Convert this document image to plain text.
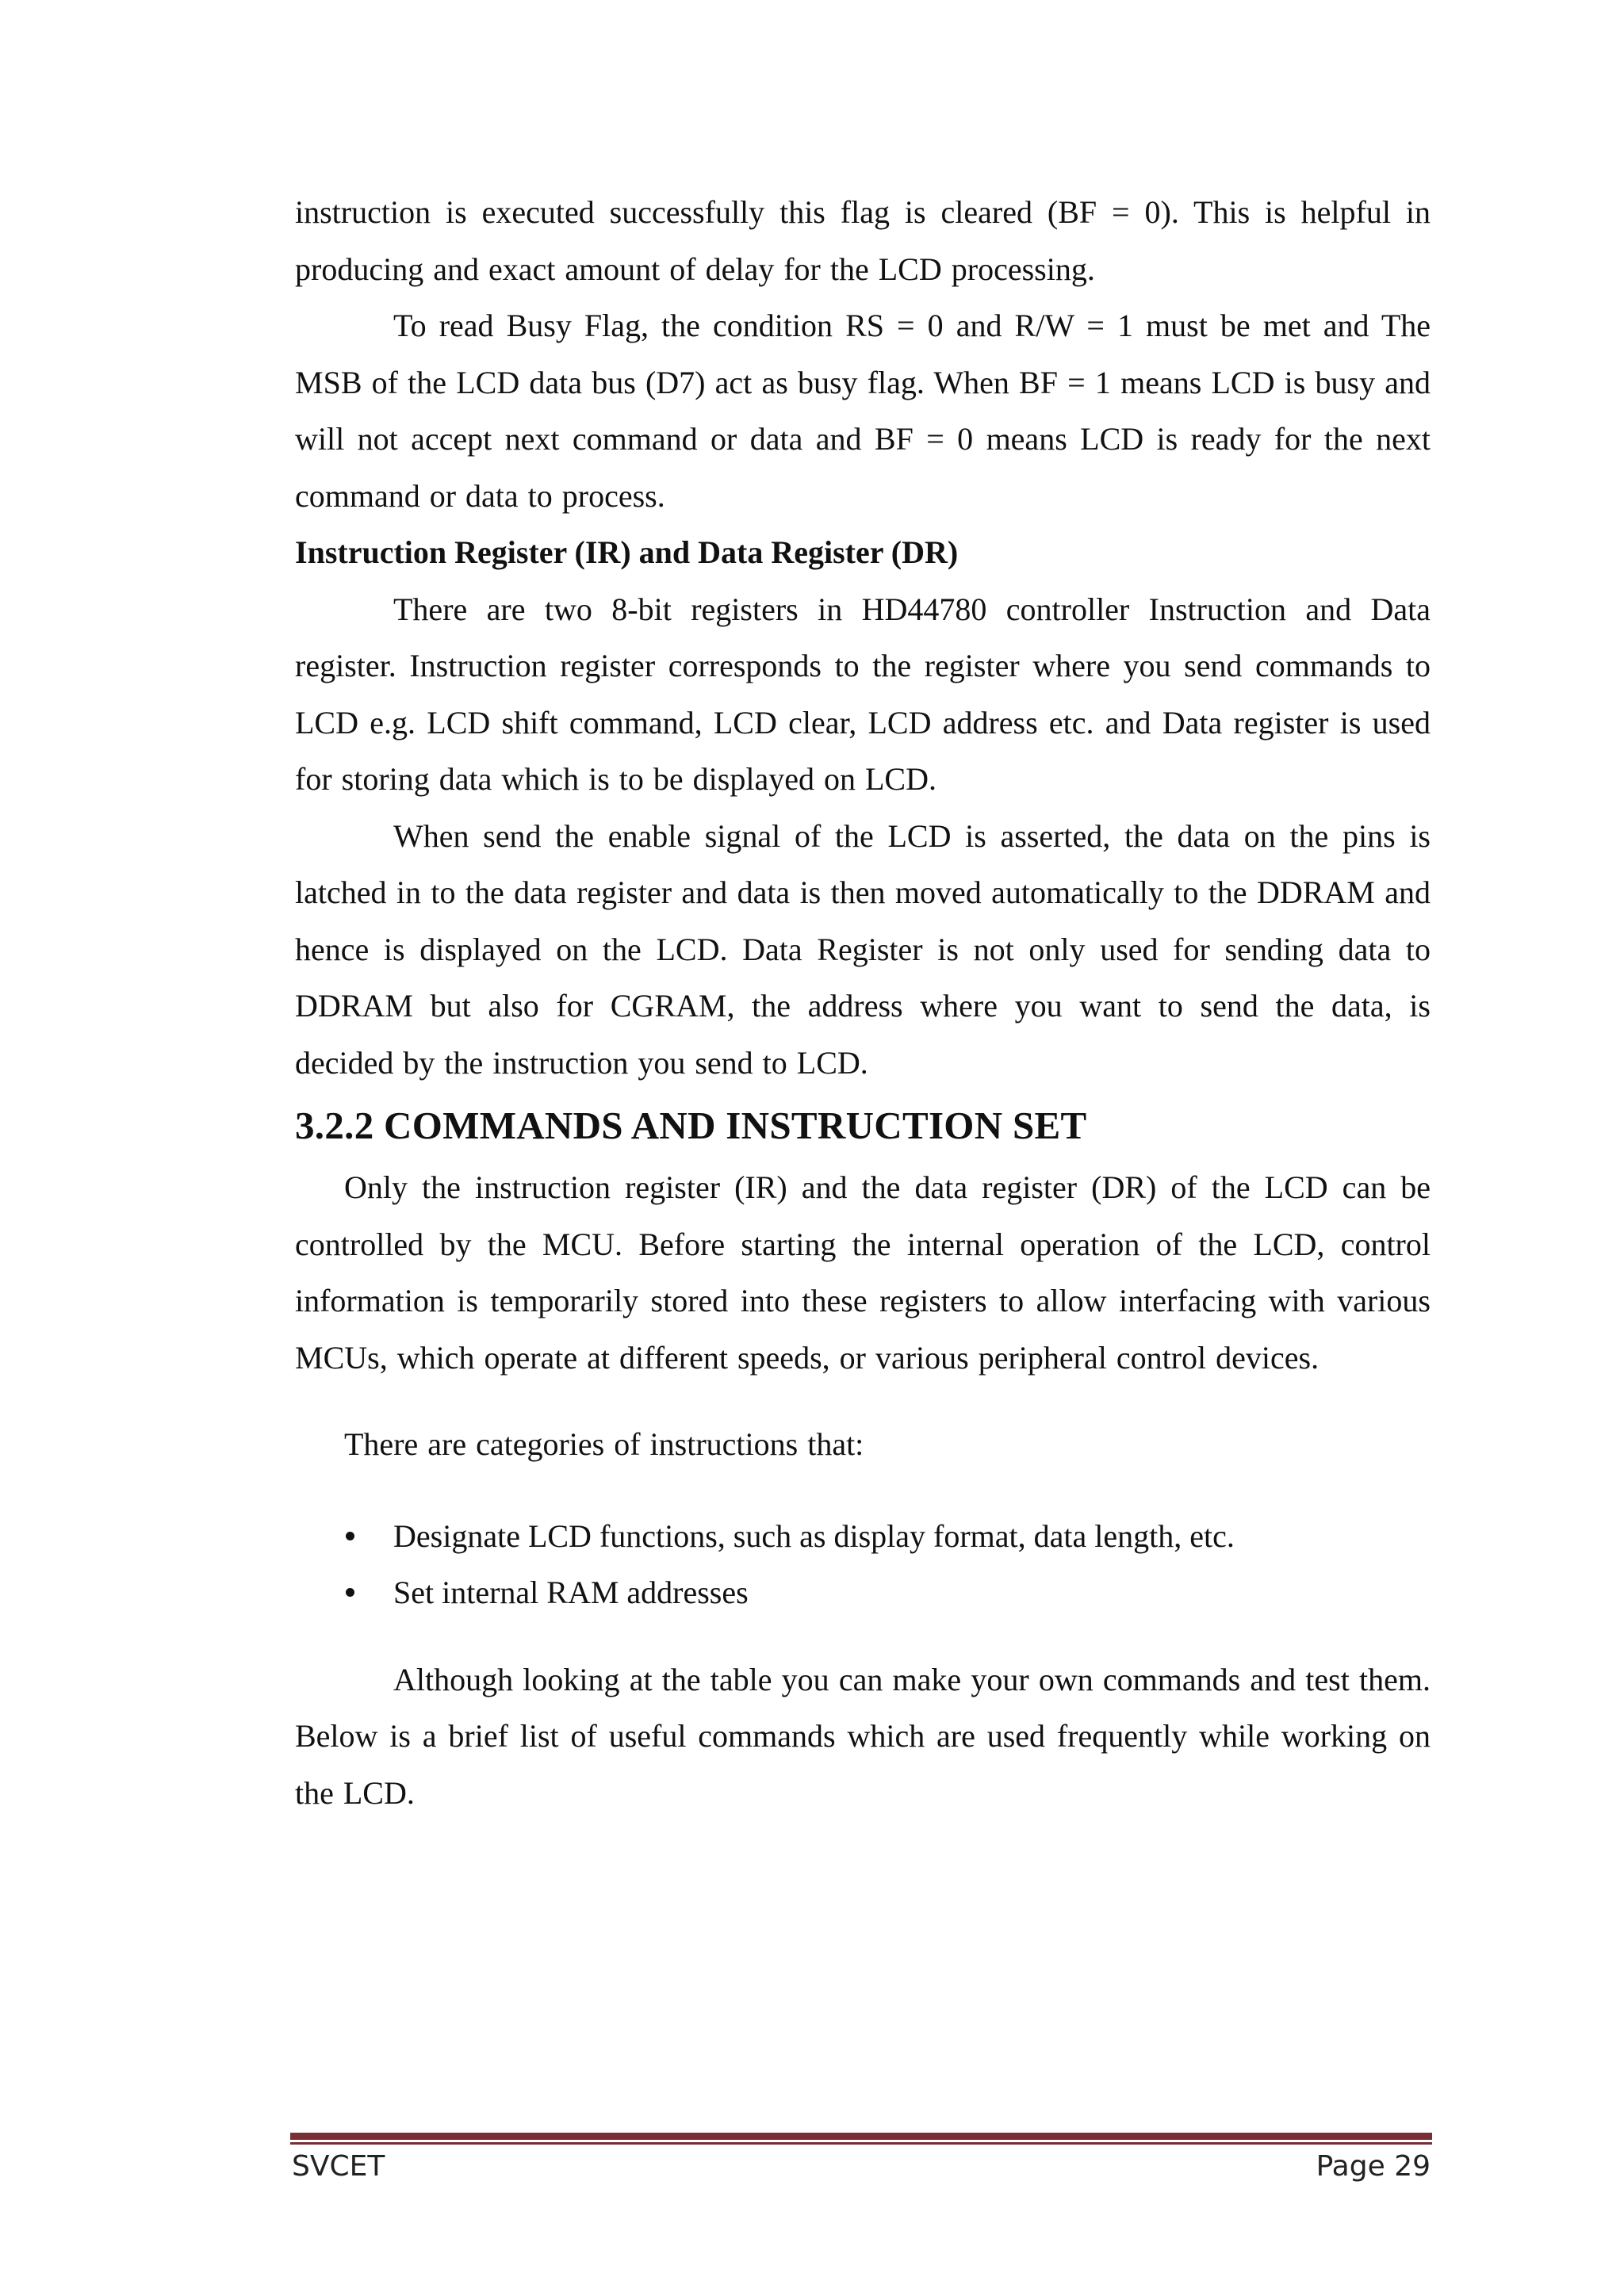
instruction is executed successfully this flag is cleared (BF = 0). This is helpful in producing and exact amount of delay for the LCD processing.

To read Busy Flag, the condition RS = 0 and R/W = 1 must be met and The MSB of the LCD data bus (D7) act as busy flag. When BF = 1 means LCD is busy and will not accept next command or data and BF = 0 means LCD is ready for the next command or data to process.

Instruction Register (IR) and Data Register (DR)

There are two 8-bit registers in HD44780 controller Instruction and Data register. Instruction register corresponds to the register where you send commands to LCD e.g. LCD shift command, LCD clear, LCD address etc. and Data register is used for storing data which is to be displayed on LCD.

When send the enable signal of the LCD is asserted, the data on the pins is latched in to the data register and data is then moved automatically to the DDRAM and hence is displayed on the LCD. Data Register is not only used for sending data to DDRAM but also for CGRAM, the address where you want to send the data, is decided by the instruction you send to LCD.

3.2.2 COMMANDS AND INSTRUCTION SET

Only the instruction register (IR) and the data register (DR) of the LCD can be controlled by the MCU. Before starting the internal operation of the LCD, control information is temporarily stored into these registers to allow interfacing with various MCUs, which operate at different speeds, or various peripheral control devices.

There are categories of instructions that:

Designate LCD functions, such as display format, data length, etc.
Set internal RAM addresses

Although looking at the table you can make your own commands and test them. Below is a brief list of useful commands which are used frequently while working on the LCD.

SVCET	Page 29
